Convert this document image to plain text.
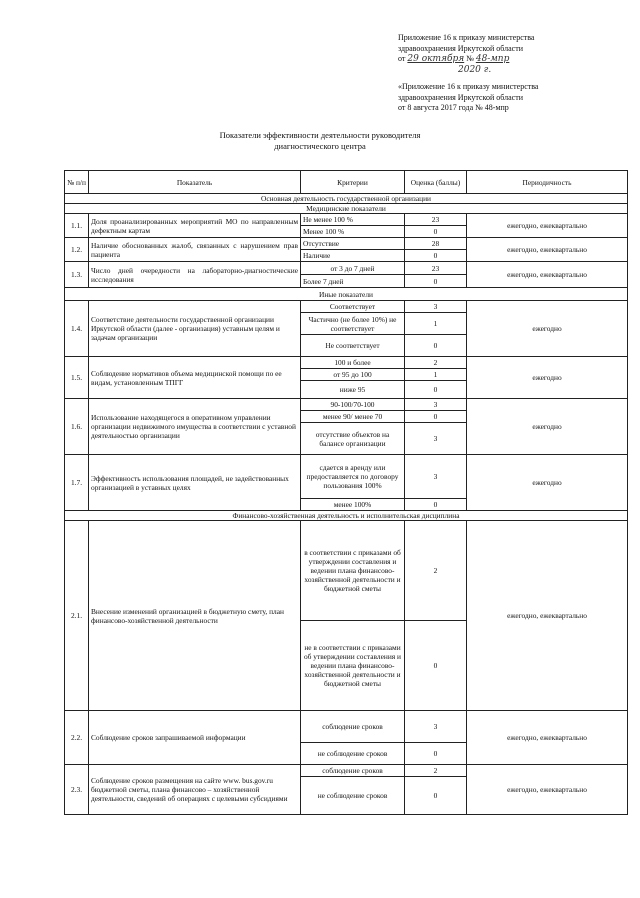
Приложение 16 к приказу министерства
здравоохранения Иркутской области
от 29 октября № 48-мпр
2020 г.
«Приложение 16 к приказу министерства
здравоохранения Иркутской области
от 8 августа 2017 года № 48-мпр
Показатели эффективности деятельности руководителя
диагностического центра
№ п/п	Показатель	Критерии	Оценка (баллы)	Периодичность
Основная деятельность государственной организации				
Медицинские показатели				
1.1.	Доля проанализированных мероприятий МО по направленным дефектным картам	Не менее 100 %	23	ежегодно, ежеквартально
		Менее 100 %	0	
1.2.	Наличие обоснованных жалоб, связанных с нарушением прав пациента	Отсутствие	28	ежегодно, ежеквартально
		Наличие	0	
1.3.	Число дней очередности на лабораторно-диагностические исследования	от 3 до 7 дней	23	ежегодно, ежеквартально
		Более 7 дней	0	
Иные показатели				
1.4.	Соответствие деятельности государственной организации Иркутской области (далее - организация) уставным целям и задачам организации	Соответствует	3	ежегодно
		Частично (не более 10%) не соответствует	1	
		Не соответствует	0	
1.5.	Соблюдение нормативов объема медицинской помощи по ее видам, установленным ТПГГ	100 и более	2	ежегодно
		от 95 до 100	1	
		ниже 95	0	
1.6.	Использование находящегося в оперативном управлении организации недвижимого имущества в соответствии с уставной деятельностью организации	90-100/70-100	3	ежегодно
		менее 90/ менее 70	0	
		отсутствие объектов на балансе организации	3	
1.7.	Эффективность использования площадей, не задействованных организацией в уставных целях	сдается в аренду или предоставляется по договору пользования 100%	3	ежегодно
		менее 100%	0	
Финансово-хозяйственная деятельность и исполнительская дисциплина				
2.1.	Внесение изменений организацией в бюджетную смету, план финансово-хозяйственной деятельности	в соответствии с приказами об утверждении составления и ведении плана финансово-хозяйственной деятельности и бюджетной сметы	2	ежегодно, ежеквартально
		не в соответствии с приказами об утверждении составления и ведении плана финансово-хозяйственной деятельности и бюджетной сметы	0	
2.2.	Соблюдение сроков запрашиваемой информации	соблюдение сроков	3	ежегодно, ежеквартально
		не соблюдение сроков	0	
2.3.	Соблюдение сроков размещения на сайте www. bus.gov.ru бюджетной сметы, плана финансово – хозяйственной деятельности, сведений об операциях с целевыми субсидиями	соблюдение сроков	2	ежегодно, ежеквартально
		не соблюдение сроков	0	
